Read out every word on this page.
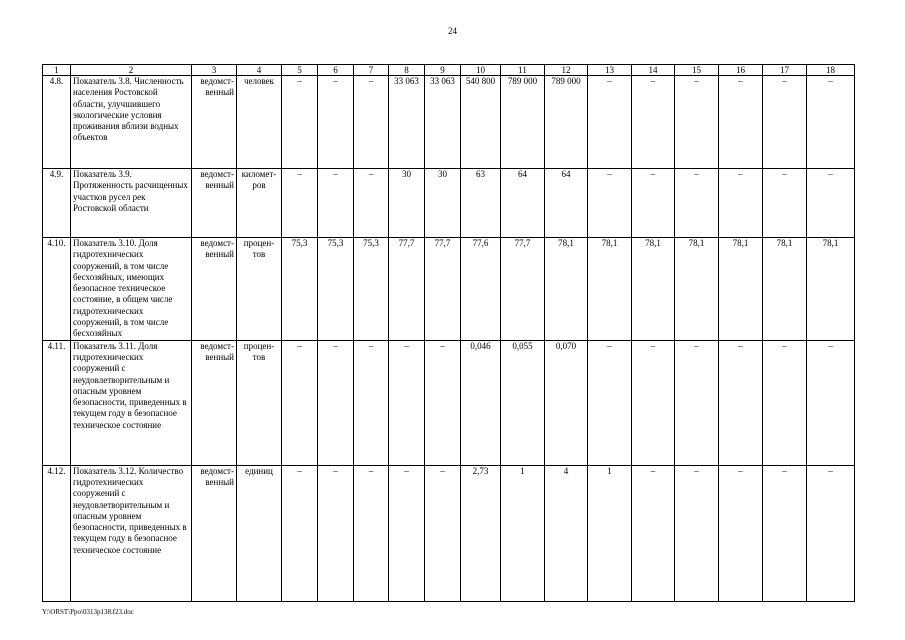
24
1	2	3	4	5	6	7	8	9	10	11	12	13	14	15	16	17	18
4.8.	Показатель 3.8. Численность населения Ростовской области, улучшившего экологические условия проживания вблизи водных объектов	ведомст-венный	человек	–	–	–	33 063	33 063	540 800	789 000	789 000	–	–	–	–	–	–
4.9.	Показатель 3.9. Протяженность расчищенных участков русел рек Ростовской области	ведомст-венный	километ-ров	–	–	–	30	30	63	64	64	–	–	–	–	–	–
4.10.	Показатель 3.10. Доля гидротехнических сооружений, в том числе бесхозяйных, имеющих безопасное техническое состояние, в общем числе гидротехнических сооружений, в том числе бесхозяйных	ведомст-венный	процен-тов	75,3	75,3	75,3	77,7	77,7	77,6	77,7	78,1	78,1	78,1	78,1	78,1	78,1	78,1
4.11.	Показатель 3.11. Доля гидротехнических сооружений с неудовлетворительным и опасным уровнем безопасности, приведенных в текущем году в безопасное техническое состояние	ведомст-венный	процен-тов	–	–	–	–	–	0,046	0,055	0,070	–	–	–	–	–	–
4.12.	Показатель 3.12. Количество гидротехнических сооружений с неудовлетворительным и опасным уровнем безопасности, приведенных в текущем году в безопасное техническое состояние	ведомст-венный	единиц	–	–	–	–	–	2,73	1	4	1	–	–	–	–	–
Y:\ORST\Ppo\0313p138.f23.doc
